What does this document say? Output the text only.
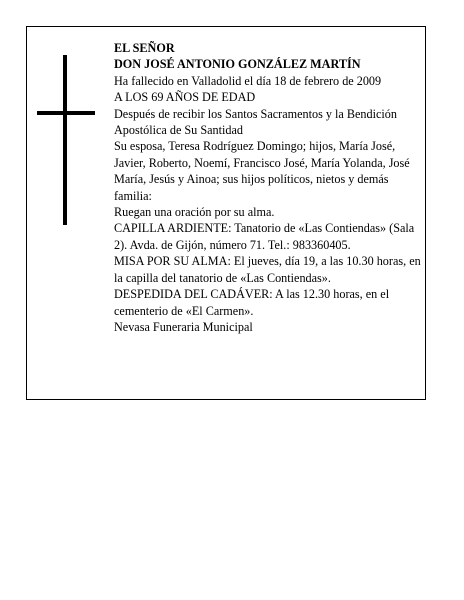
EL SEÑOR

DON JOSÉ ANTONIO GONZÁLEZ MARTÍN

Ha fallecido en Valladolid el día 18 de febrero de 2009

A LOS 69 AÑOS DE EDAD

Después de recibir los Santos Sacramentos y la Bendición Apostólica de Su Santidad

Su esposa, Teresa Rodríguez Domingo; hijos, María José, Javier, Roberto, Noemí, Francisco José, María Yolanda, José María, Jesús y Ainoa; sus hijos políticos, nietos y demás familia:

Ruegan una oración por su alma.

CAPILLA ARDIENTE: Tanatorio de «Las Contiendas» (Sala 2). Avda. de Gijón, número 71. Tel.: 983360405.

MISA POR SU ALMA: El jueves, día 19, a las 10.30 horas, en la capilla del tanatorio de «Las Contiendas».

DESPEDIDA DEL CADÁVER: A las 12.30 horas, en el cementerio de «El Carmen».

Nevasa Funeraria Municipal
